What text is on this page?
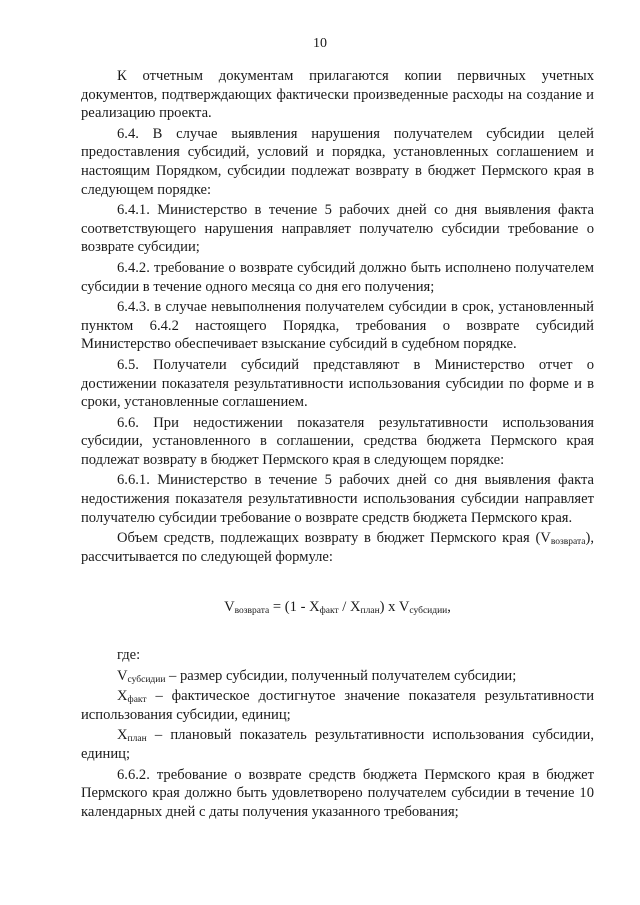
10

К отчетным документам прилагаются копии первичных учетных документов, подтверждающих фактически произведенные расходы на создание и реализацию проекта.

6.4. В случае выявления нарушения получателем субсидии целей предоставления субсидий, условий и порядка, установленных соглашением и настоящим Порядком, субсидии подлежат возврату в бюджет Пермского края в следующем порядке:

6.4.1. Министерство в течение 5 рабочих дней со дня выявления факта соответствующего нарушения направляет получателю субсидии требование о возврате субсидии;

6.4.2. требование о возврате субсидий должно быть исполнено получателем субсидии в течение одного месяца со дня его получения;

6.4.3. в случае невыполнения получателем субсидии в срок, установленный пунктом 6.4.2 настоящего Порядка, требования о возврате субсидий Министерство обеспечивает взыскание субсидий в судебном порядке.

6.5. Получатели субсидий представляют в Министерство отчет о достижении показателя результативности использования субсидии по форме и в сроки, установленные соглашением.

6.6. При недостижении показателя результативности использования субсидии, установленного в соглашении, средства бюджета Пермского края подлежат возврату в бюджет Пермского края в следующем порядке:

6.6.1. Министерство в течение 5 рабочих дней со дня выявления факта недостижения показателя результативности использования субсидии направляет получателю субсидии требование о возврате средств бюджета Пермского края.

Объем средств, подлежащих возврату в бюджет Пермского края $(V_{возврата})$, рассчитывается по следующей формуле:

$V_{возврата} = (1 - X_{факт} / X_{план})$ x $V_{субсидии}$,

где:

$V_{субсидии}$ – размер субсидии, полученный получателем субсидии;

$X_{факт}$ – фактическое достигнутое значение показателя результативности использования субсидии, единиц;

$X_{план}$ – плановый показатель результативности использования субсидии, единиц;

6.6.2. требование о возврате средств бюджета Пермского края в бюджет Пермского края должно быть удовлетворено получателем субсидии в течение 10 календарных дней с даты получения указанного требования;
